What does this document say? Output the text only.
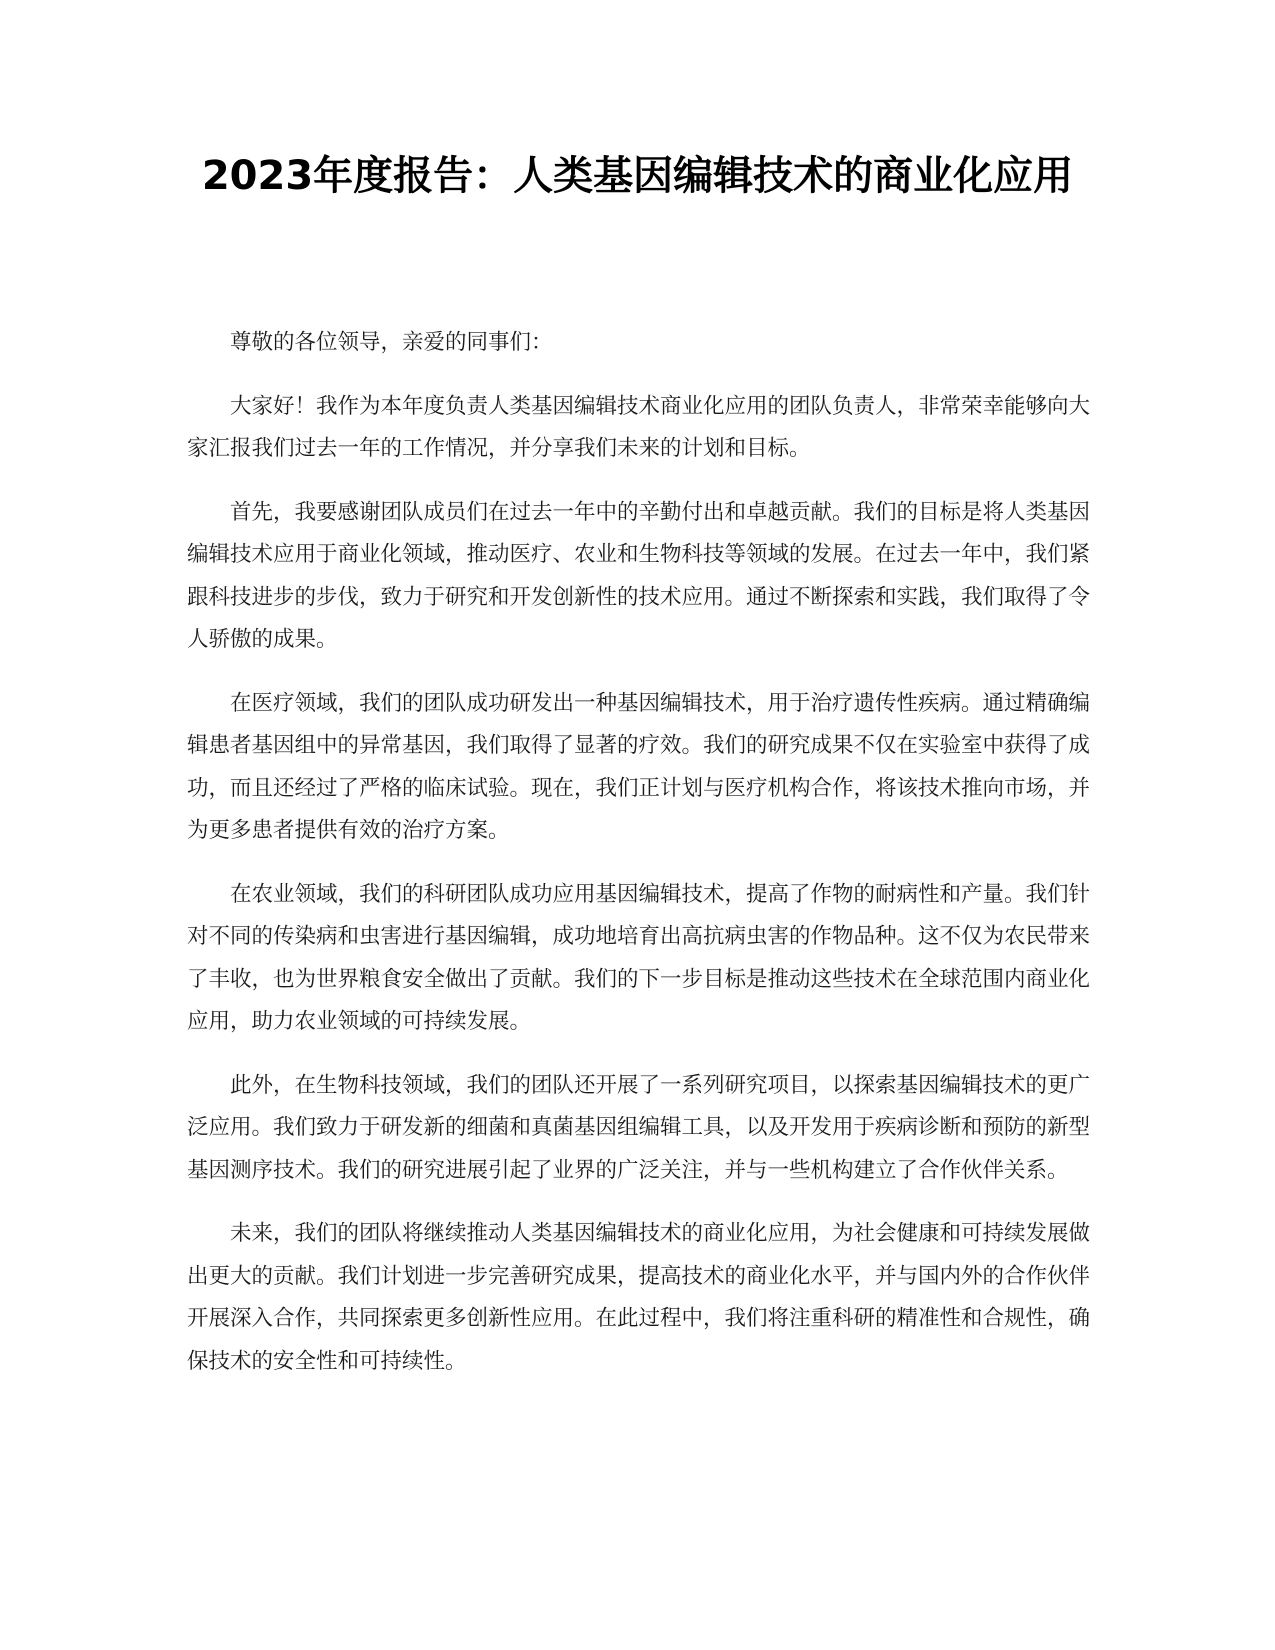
2023年度报告：人类基因编辑技术的商业化应用

尊敬的各位领导，亲爱的同事们：

大家好！我作为本年度负责人类基因编辑技术商业化应用的团队负责人，非常荣幸能够向大家汇报我们过去一年的工作情况，并分享我们未来的计划和目标。

首先，我要感谢团队成员们在过去一年中的辛勤付出和卓越贡献。我们的目标是将人类基因编辑技术应用于商业化领域，推动医疗、农业和生物科技等领域的发展。在过去一年中，我们紧跟科技进步的步伐，致力于研究和开发创新性的技术应用。通过不断探索和实践，我们取得了令人骄傲的成果。

在医疗领域，我们的团队成功研发出一种基因编辑技术，用于治疗遗传性疾病。通过精确编辑患者基因组中的异常基因，我们取得了显著的疗效。我们的研究成果不仅在实验室中获得了成功，而且还经过了严格的临床试验。现在，我们正计划与医疗机构合作，将该技术推向市场，并为更多患者提供有效的治疗方案。

在农业领域，我们的科研团队成功应用基因编辑技术，提高了作物的耐病性和产量。我们针对不同的传染病和虫害进行基因编辑，成功地培育出高抗病虫害的作物品种。这不仅为农民带来了丰收，也为世界粮食安全做出了贡献。我们的下一步目标是推动这些技术在全球范围内商业化应用，助力农业领域的可持续发展。

此外，在生物科技领域，我们的团队还开展了一系列研究项目，以探索基因编辑技术的更广泛应用。我们致力于研发新的细菌和真菌基因组编辑工具，以及开发用于疾病诊断和预防的新型基因测序技术。我们的研究进展引起了业界的广泛关注，并与一些机构建立了合作伙伴关系。

未来，我们的团队将继续推动人类基因编辑技术的商业化应用，为社会健康和可持续发展做出更大的贡献。我们计划进一步完善研究成果，提高技术的商业化水平，并与国内外的合作伙伴开展深入合作，共同探索更多创新性应用。在此过程中，我们将注重科研的精准性和合规性，确保技术的安全性和可持续性。
